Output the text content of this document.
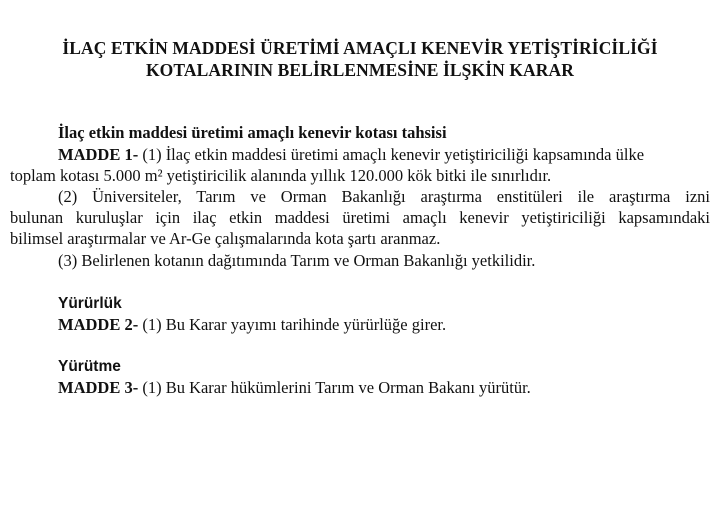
İLAÇ ETKİN MADDESİ ÜRETİMİ AMAÇLI KENEVİR YETİŞTİRİCİLİĞİ
KOTALARININ BELİRLENMESİNE İLŞKİN KARAR
İlaç etkin maddesi üretimi amaçlı kenevir kotası tahsisi
MADDE 1- (1) İlaç etkin maddesi üretimi amaçlı kenevir yetiştiriciliği kapsamında ülke
toplam kotası 5.000 m² yetiştiricilik alanında yıllık 120.000 kök bitki ile sınırlıdır.
(2) Üniversiteler, Tarım ve Orman Bakanlığı araştırma enstitüleri ile araştırma izni
bulunan kuruluşlar için ilaç etkin maddesi üretimi amaçlı kenevir yetiştiriciliği kapsamındaki
bilimsel araştırmalar ve Ar-Ge çalışmalarında kota şartı aranmaz.
(3) Belirlenen kotanın dağıtımında Tarım ve Orman Bakanlığı yetkilidir.
Yürürlük
MADDE 2- (1) Bu Karar yayımı tarihinde yürürlüğe girer.
Yürütme
MADDE 3- (1) Bu Karar hükümlerini Tarım ve Orman Bakanı yürütür.
